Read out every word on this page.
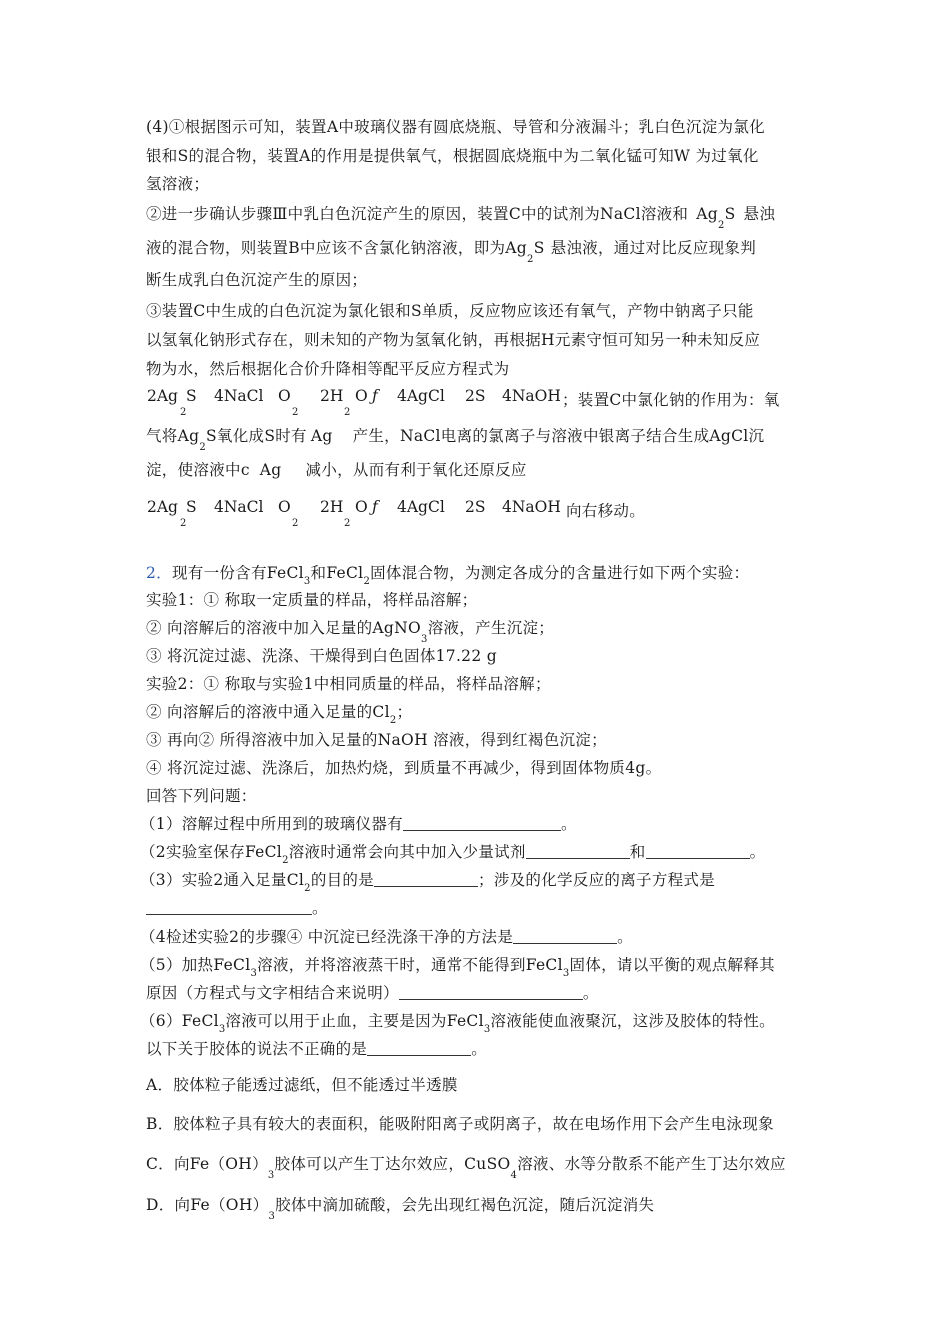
(4)①根据图示可知，装置A中玻璃仪器有圆底烧瓶、导管和分液漏斗；乳白色沉淀为氯化
银和S的混合物，装置A的作用是提供氧气，根据圆底烧瓶中为二氧化锰可知W 为过氧化
氢溶液；
②进一步确认步骤Ⅲ中乳白色沉淀产生的原因，装置C中的试剂为NaCl溶液和 $Ag_2S$ 悬浊
液的混合物，则装置B中应该不含氯化钠溶液，即为$Ag_2S$ 悬浊液，通过对比反应现象判
断生成乳白色沉淀产生的原因；
③装置C中生成的白色沉淀为氯化银和S单质，反应物应该还有氧气，产物中钠离子只能
以氢氧化钠形式存在，则未知的产物为氢氧化钠，再根据H元素守恒可知另一种未知反应
物为水，然后根据化合价升降相等配平反应方程式为
2Ag S
2
4NaCl O
2
2H
2
O ƒ 4AgCl 2S 4NaOH ；装置C中氯化钠的作用为：氧
气将$Ag_2S$氧化成S时有 Ag 产生，NaCl电离的氯离子与溶液中银离子结合生成AgCl沉
淀，使溶液中c Ag 减小，从而有利于氧化还原反应
2Ag S
2
4NaCl O
2
2H
2
O ƒ 4AgCl 2S 4NaOH 向右移动。
2．现有一份含有FeCl$_3$和FeCl$_2$固体混合物，为测定各成分的含量进行如下两个实验：
实验1：① 称取一定质量的样品，将样品溶解；
② 向溶解后的溶液中加入足量的AgNO$_3$溶液，产生沉淀；
③ 将沉淀过滤、洗涤、干燥得到白色固体17.22 g
实验2：① 称取与实验1中相同质量的样品，将样品溶解；
② 向溶解后的溶液中通入足量的$Cl_2$；
③ 再向② 所得溶液中加入足量的NaOH 溶液，得到红褐色沉淀；
④ 将沉淀过滤、洗涤后，加热灼烧，到质量不再减少，得到固体物质4g。
回答下列问题：
（1）溶解过程中所用到的玻璃仪器有	。
（2实验室保存FeCl$_2$溶液时通常会向其中加入少量试剂	和	。
（3）实验2通入足量$Cl_2$的目的是	；涉及的化学反应的离子方程式是
。
（4检述实验2的步骤④ 中沉淀已经洗涤干净的方法是	。
（5）加热FeCl$_3$溶液，并将溶液蒸干时，通常不能得到FeCl$_3$固体，请以平衡的观点解释其
原因（方程式与文字相结合来说明）	。
（6）FeCl$_3$溶液可以用于止血，主要是因为FeCl$_3$溶液能使血液聚沉，这涉及胶体的特性。
以下关于胶体的说法不正确的是	。
A．胶体粒子能透过滤纸，但不能透过半透膜
B．胶体粒子具有较大的表面积，能吸附阳离子或阴离子，故在电场作用下会产生电泳现象
C．向$Fe(OH)_3$胶体可以产生丁达尔效应，CuSO$_4$溶液、水等分散系不能产生丁达尔效应
D．向$Fe(OH)_3$胶体中滴加硫酸，会先出现红褐色沉淀，随后沉淀消失
